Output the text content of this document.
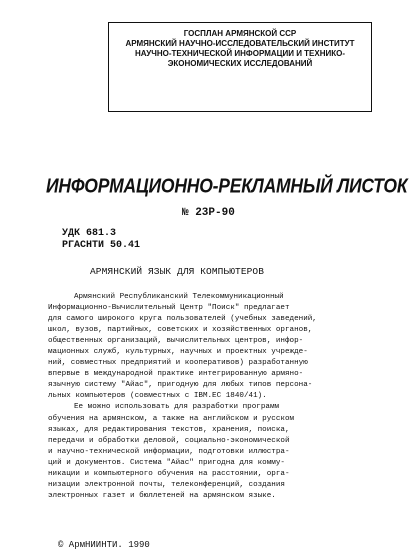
ГОСПЛАН АРМЯНСКОЙ ССР
АРМЯНСКИЙ НАУЧНО-ИССЛЕДОВАТЕЛЬСКИЙ ИНСТИТУТ
НАУЧНО-ТЕХНИЧЕСКОЙ ИНФОРМАЦИИ И ТЕХНИКО-
ЭКОНОМИЧЕСКИХ ИССЛЕДОВАНИЙ
ИНФОРМАЦИОННО-РЕКЛАМНЫЙ ЛИСТОК
№ 23Р-90
УДК 681.3
РГАСНТИ 50.41
АРМЯНСКИЙ ЯЗЫК ДЛЯ КОМПЬЮТЕРОВ
Армянский Республиканский Телекоммуникационный
Информационно-Вычислительный Центр "Поиск" предлагает
для самого широкого круга пользователей (учебных заведений,
школ, вузов, партийных, советских и хозяйственных органов,
общественных организаций, вычислительных центров, инфор-
мационных служб, культурных, научных и проектных учрежде-
ний, совместных предприятий и кооперативов) разработанную
впервые в международной практике интегрированную армяно-
язычную систему "Айас", пригодную для любых типов персона-
льных компьютеров (совместных с IBM.EC 1840/41).
Ее можно использовать для разработки программ
обучения на армянском, а также на английском и русском
языках, для редактирования текстов, хранения, поиска,
передачи и обработки деловой, социально-экономической
и научно-технической информации, подготовки иллюстра-
ций и документов. Система "Айас" пригодна для комму-
никации и компьютерного обучения на расстоянии, орга-
низации электронной почты, телеконференций, создания
электронных газет и бюллетеней на армянском языке.
© АрмНИИНТИ. 1990
